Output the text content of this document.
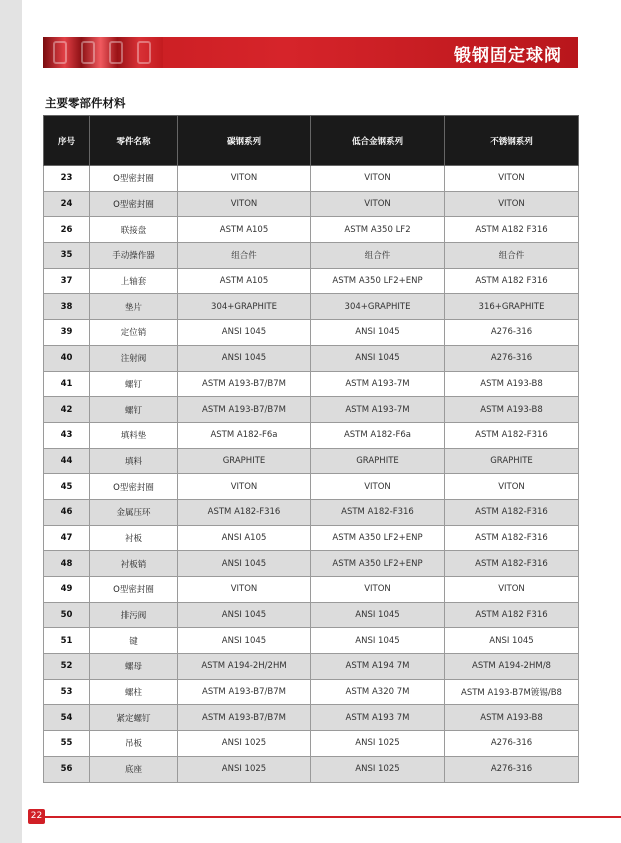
锻钢固定球阀
主要零部件材料
序号	零件名称	碳钢系列	低合金钢系列	不锈钢系列
23	O型密封圈	VITON	VITON	VITON
24	O型密封圈	VITON	VITON	VITON
26	联接盘	ASTM A105	ASTM A350 LF2	ASTM A182 F316
35	手动操作器	组合件	组合件	组合件
37	上轴套	ASTM A105	ASTM A350 LF2+ENP	ASTM A182 F316
38	垫片	304+GRAPHITE	304+GRAPHITE	316+GRAPHITE
39	定位销	ANSI 1045	ANSI 1045	A276-316
40	注射阀	ANSI 1045	ANSI 1045	A276-316
41	螺钉	ASTM A193-B7/B7M	ASTM A193-7M	ASTM A193-B8
42	螺钉	ASTM A193-B7/B7M	ASTM A193-7M	ASTM A193-B8
43	填料垫	ASTM A182-F6a	ASTM A182-F6a	ASTM A182-F316
44	填料	GRAPHITE	GRAPHITE	GRAPHITE
45	O型密封圈	VITON	VITON	VITON
46	金属压环	ASTM A182-F316	ASTM A182-F316	ASTM A182-F316
47	衬板	ANSI A105	ASTM A350 LF2+ENP	ASTM A182-F316
48	衬板销	ANSI 1045	ASTM A350 LF2+ENP	ASTM A182-F316
49	O型密封圈	VITON	VITON	VITON
50	排污阀	ANSI 1045	ANSI 1045	ASTM A182 F316
51	键	ANSI 1045	ANSI 1045	ANSI 1045
52	螺母	ASTM A194-2H/2HM	ASTM A194 7M	ASTM A194-2HM/8
53	螺柱	ASTM A193-B7/B7M	ASTM A320 7M	ASTM A193-B7M镀锡/B8
54	紧定螺钉	ASTM A193-B7/B7M	ASTM A193 7M	ASTM A193-B8
55	吊板	ANSI 1025	ANSI 1025	A276-316
56	底座	ANSI 1025	ANSI 1025	A276-316
22
